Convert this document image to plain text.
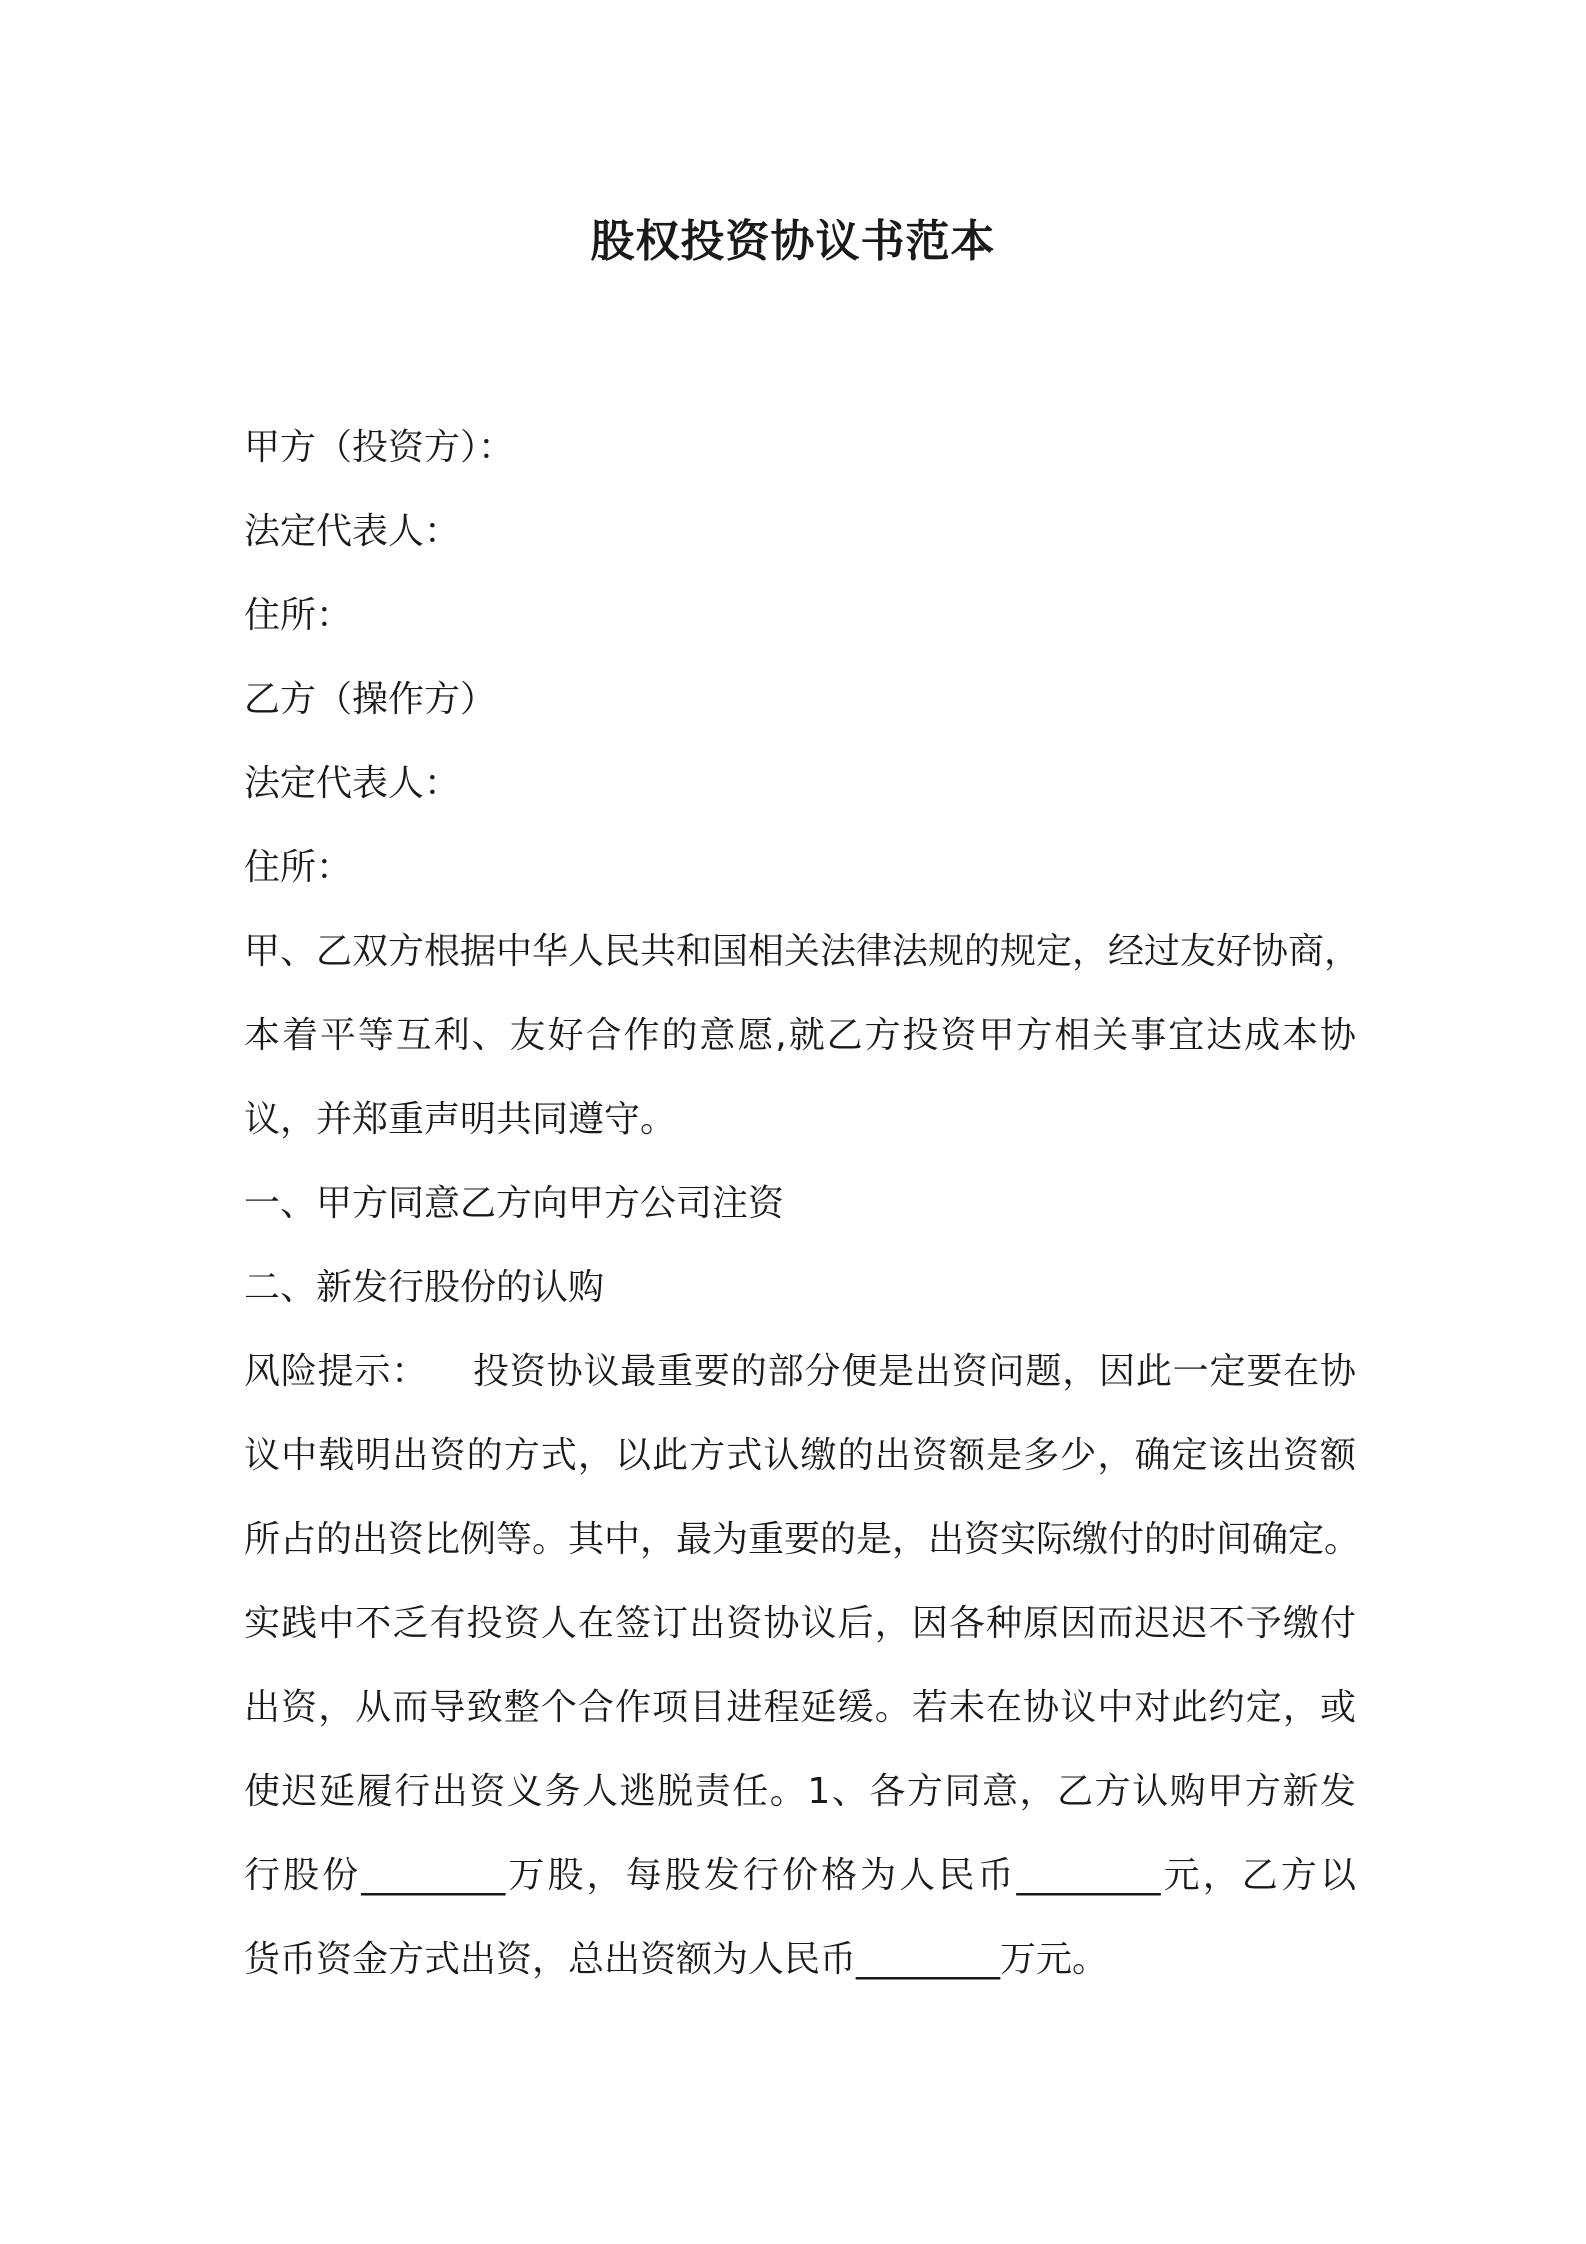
股权投资协议书范本
甲方（投资方）：
法定代表人：
住所：
乙方（操作方）
法定代表人：
住所：
甲、乙双方根据中华人民共和国相关法律法规的规定，经过友好协商，
本着平等互利、友好合作的意愿,就乙方投资甲方相关事宜达成本协
议，并郑重声明共同遵守。
一、甲方同意乙方向甲方公司注资
二、新发行股份的认购
风险提示： 投资协议最重要的部分便是出资问题，因此一定要在协
议中载明出资的方式，以此方式认缴的出资额是多少，确定该出资额
所占的出资比例等。其中，最为重要的是，出资实际缴付的时间确定。
实践中不乏有投资人在签订出资协议后，因各种原因而迟迟不予缴付
出资，从而导致整个合作项目进程延缓。若未在协议中对此约定，或
使迟延履行出资义务人逃脱责任。1、各方同意，乙方认购甲方新发
行股份________万股，每股发行价格为人民币________元，乙方以
货币资金方式出资，总出资额为人民币________万元。
